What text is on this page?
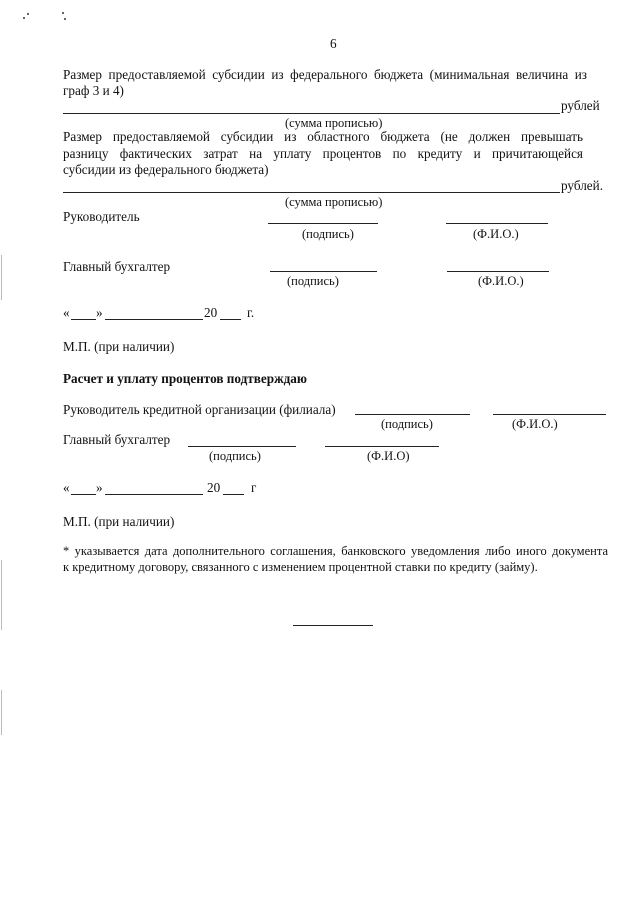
6
Размер предоставляемой субсидии из федерального бюджета (минимальная величина из
граф 3 и 4)
рублей
(сумма прописью)
Размер предоставляемой субсидии из областного бюджета (не должен превышать
разницу фактических затрат на уплату процентов по кредиту и причитающейся
субсидии из федерального бюджета)
рублей.
(сумма прописью)
Руководитель
(подпись)	(Ф.И.О.)
Главный бухгалтер
(подпись)	(Ф.И.О.)
« »	20 г.
М.П. (при наличии)
Расчет и уплату процентов подтверждаю
Руководитель кредитной организации (филиала)
(подпись)	(Ф.И.О.)
Главный бухгалтер
(подпись)	(Ф.И.О)
« »	20 г
М.П. (при наличии)
* указывается дата дополнительного соглашения, банковского уведомления либо иного документа
к кредитному договору, связанного с изменением процентной ставки по кредиту (займу).
